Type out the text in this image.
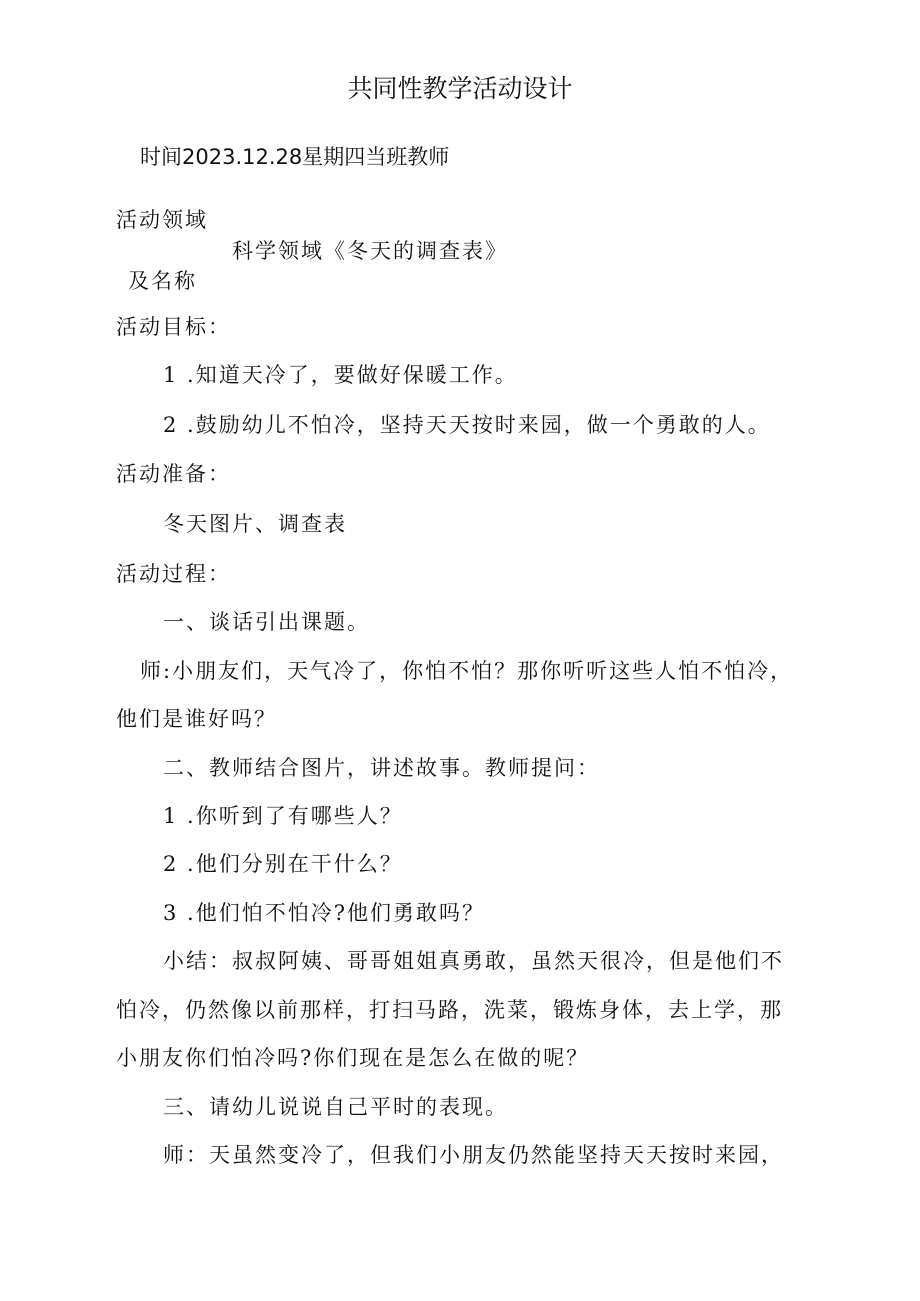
共同性教学活动设计
时间2023.12.28星期四当班教师
活动领域
科学领域《冬天的调查表》
及名称
活动目标：
1 .知道天冷了，要做好保暖工作。
2 .鼓励幼儿不怕冷，坚持天天按时来园，做一个勇敢的人。
活动准备：
冬天图片、调查表
活动过程：
一、谈话引出课题。
师:小朋友们，天气冷了，你怕不怕？那你听听这些人怕不怕冷，
他们是谁好吗？
二、教师结合图片，讲述故事。教师提问：
1 .你听到了有哪些人？
2 .他们分别在干什么？
3 .他们怕不怕冷?他们勇敢吗？
小结：叔叔阿姨、哥哥姐姐真勇敢，虽然天很冷，但是他们不
怕冷，仍然像以前那样，打扫马路，洗菜，锻炼身体，去上学，那
小朋友你们怕冷吗?你们现在是怎么在做的呢？
三、请幼儿说说自己平时的表现。
师：天虽然变冷了，但我们小朋友仍然能坚持天天按时来园，
